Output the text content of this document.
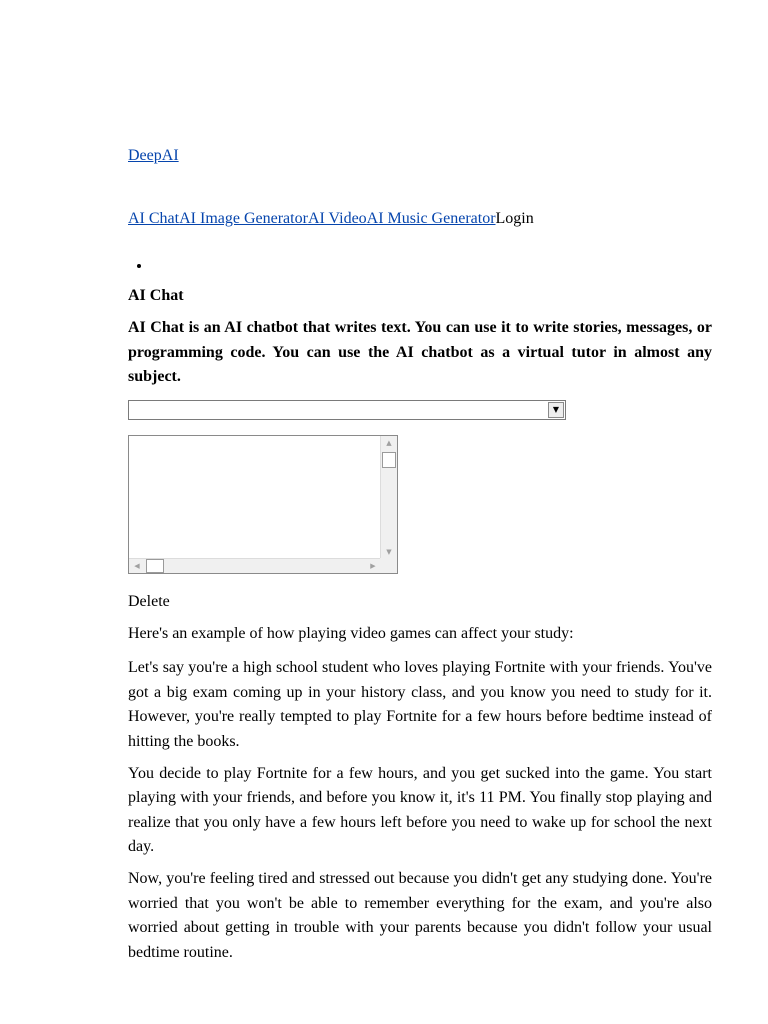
DeepAI
AI ChatAI Image GeneratorAI VideoAI Music GeneratorLogin
AI Chat

AI Chat is an AI chatbot that writes text. You can use it to write stories, messages, or programming code. You can use the AI chatbot as a virtual tutor in almost any subject.

▼
▲
▼
◀	▶
Delete

Here's an example of how playing video games can affect your study:

Let's say you're a high school student who loves playing Fortnite with your friends. You've got a big exam coming up in your history class, and you know you need to study for it. However, you're really tempted to play Fortnite for a few hours before bedtime instead of hitting the books.

You decide to play Fortnite for a few hours, and you get sucked into the game. You start playing with your friends, and before you know it, it's 11 PM. You finally stop playing and realize that you only have a few hours left before you need to wake up for school the next day.

Now, you're feeling tired and stressed out because you didn't get any studying done. You're worried that you won't be able to remember everything for the exam, and you're also worried about getting in trouble with your parents because you didn't follow your usual bedtime routine.
